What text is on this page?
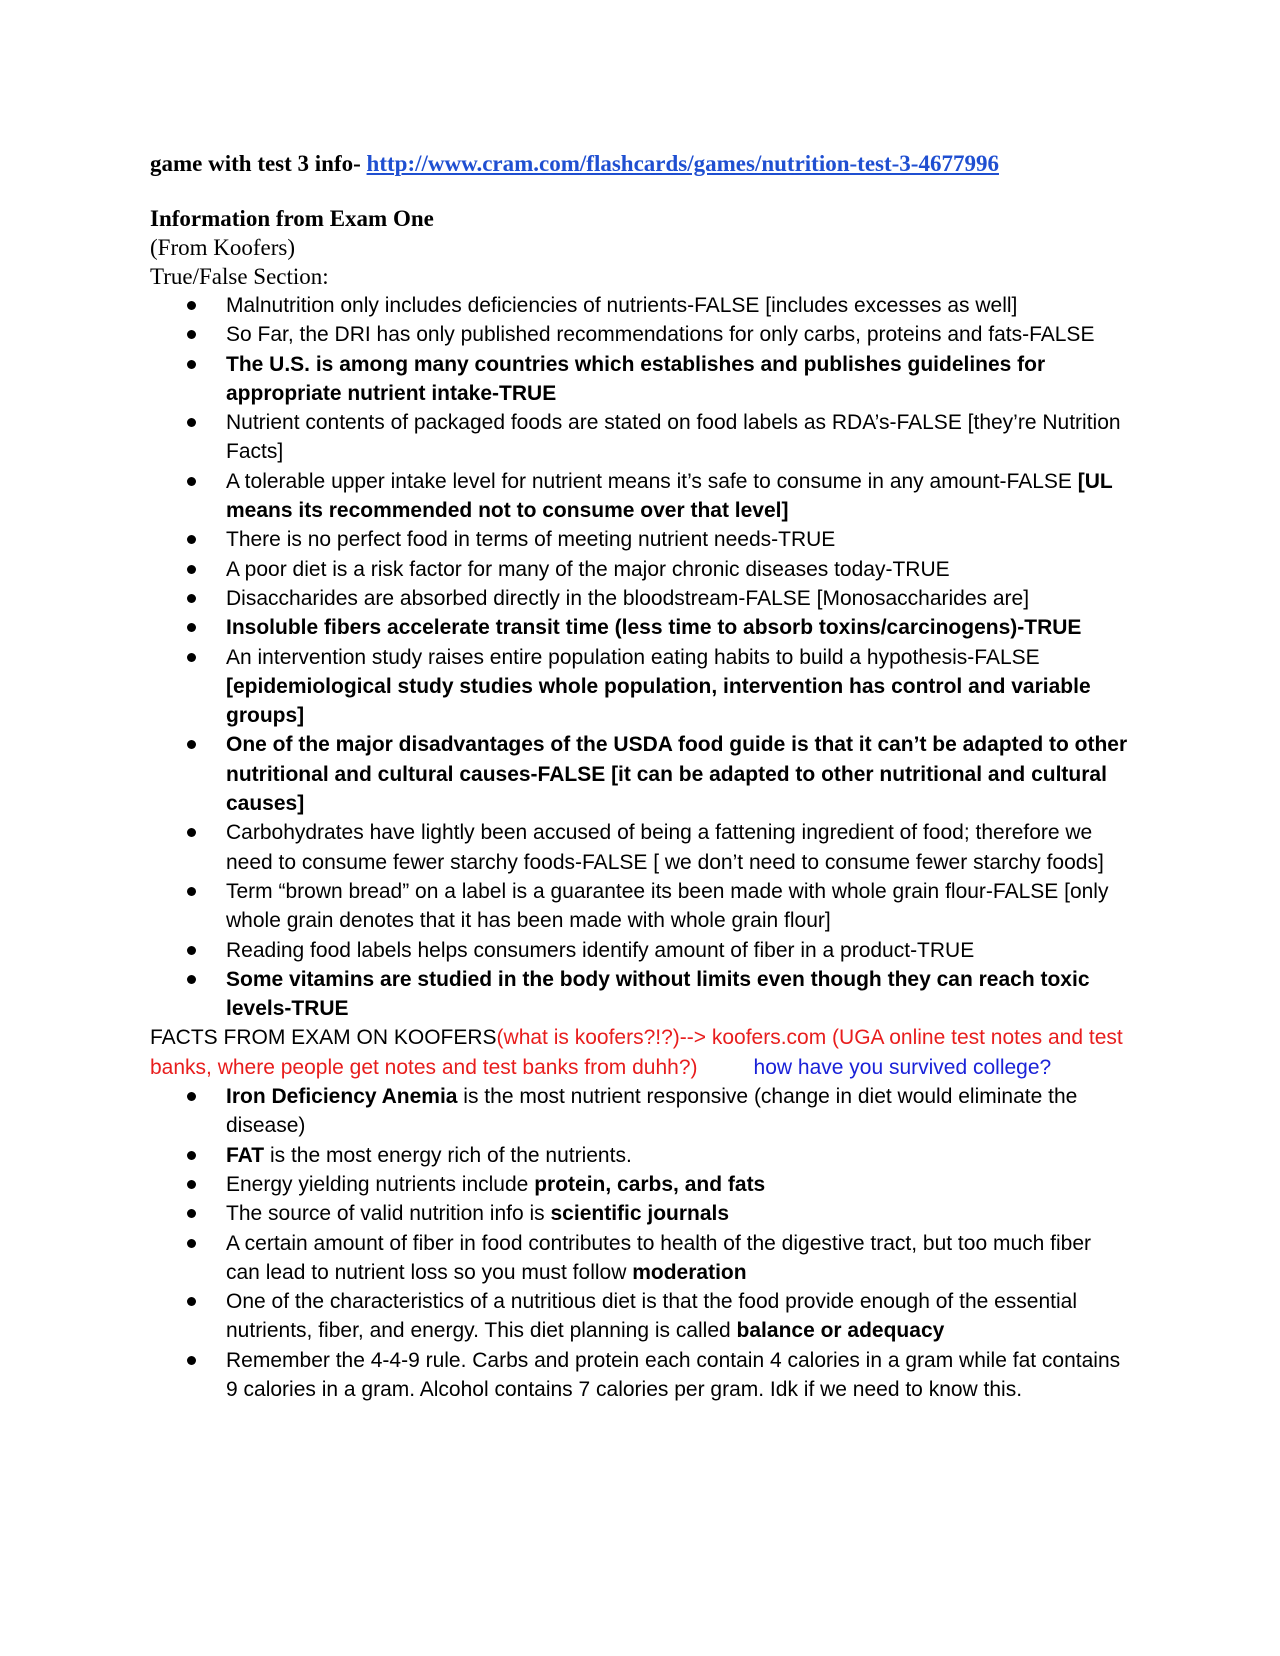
game with test 3 info- http://www.cram.com/flashcards/games/nutrition-test-3-4677996
Information from Exam One
(From Koofers)
True/False Section:
Malnutrition only includes deficiencies of nutrients-FALSE [includes excesses as well]
So Far, the DRI has only published recommendations for only carbs, proteins and fats-FALSE
The U.S. is among many countries which establishes and publishes guidelines for appropriate nutrient intake-TRUE
Nutrient contents of packaged foods are stated on food labels as RDA’s-FALSE [they’re Nutrition Facts]
A tolerable upper intake level for nutrient means it’s safe to consume in any amount-FALSE [UL means its recommended not to consume over that level]
There is no perfect food in terms of meeting nutrient needs-TRUE
A poor diet is a risk factor for many of the major chronic diseases today-TRUE
Disaccharides are absorbed directly in the bloodstream-FALSE [Monosaccharides are]
Insoluble fibers accelerate transit time (less time to absorb toxins/carcinogens)-TRUE
An intervention study raises entire population eating habits to build a hypothesis-FALSE [epidemiological study studies whole population, intervention has control and variable groups]
One of the major disadvantages of the USDA food guide is that it can’t be adapted to other nutritional and cultural causes-FALSE [it can be adapted to other nutritional and cultural causes]
Carbohydrates have lightly been accused of being a fattening ingredient of food; therefore we need to consume fewer starchy foods-FALSE [ we don’t need to consume fewer starchy foods]
Term “brown bread” on a label is a guarantee its been made with whole grain flour-FALSE [only whole grain denotes that it has been made with whole grain flour]
Reading food labels helps consumers identify amount of fiber in a product-TRUE
Some vitamins are studied in the body without limits even though they can reach toxic levels-TRUE
FACTS FROM EXAM ON KOOFERS(what is koofers?!?)--> koofers.com (UGA online test notes and test banks, where people get notes and test banks from duhh?)	how have you survived college?
Iron Deficiency Anemia is the most nutrient responsive (change in diet would eliminate the disease)
FAT is the most energy rich of the nutrients.
Energy yielding nutrients include protein, carbs, and fats
The source of valid nutrition info is scientific journals
A certain amount of fiber in food contributes to health of the digestive tract, but too much fiber can lead to nutrient loss so you must follow moderation
One of the characteristics of a nutritious diet is that the food provide enough of the essential nutrients, fiber, and energy. This diet planning is called balance or adequacy
Remember the 4-4-9 rule. Carbs and protein each contain 4 calories in a gram while fat contains 9 calories in a gram. Alcohol contains 7 calories per gram. Idk if we need to know this.
